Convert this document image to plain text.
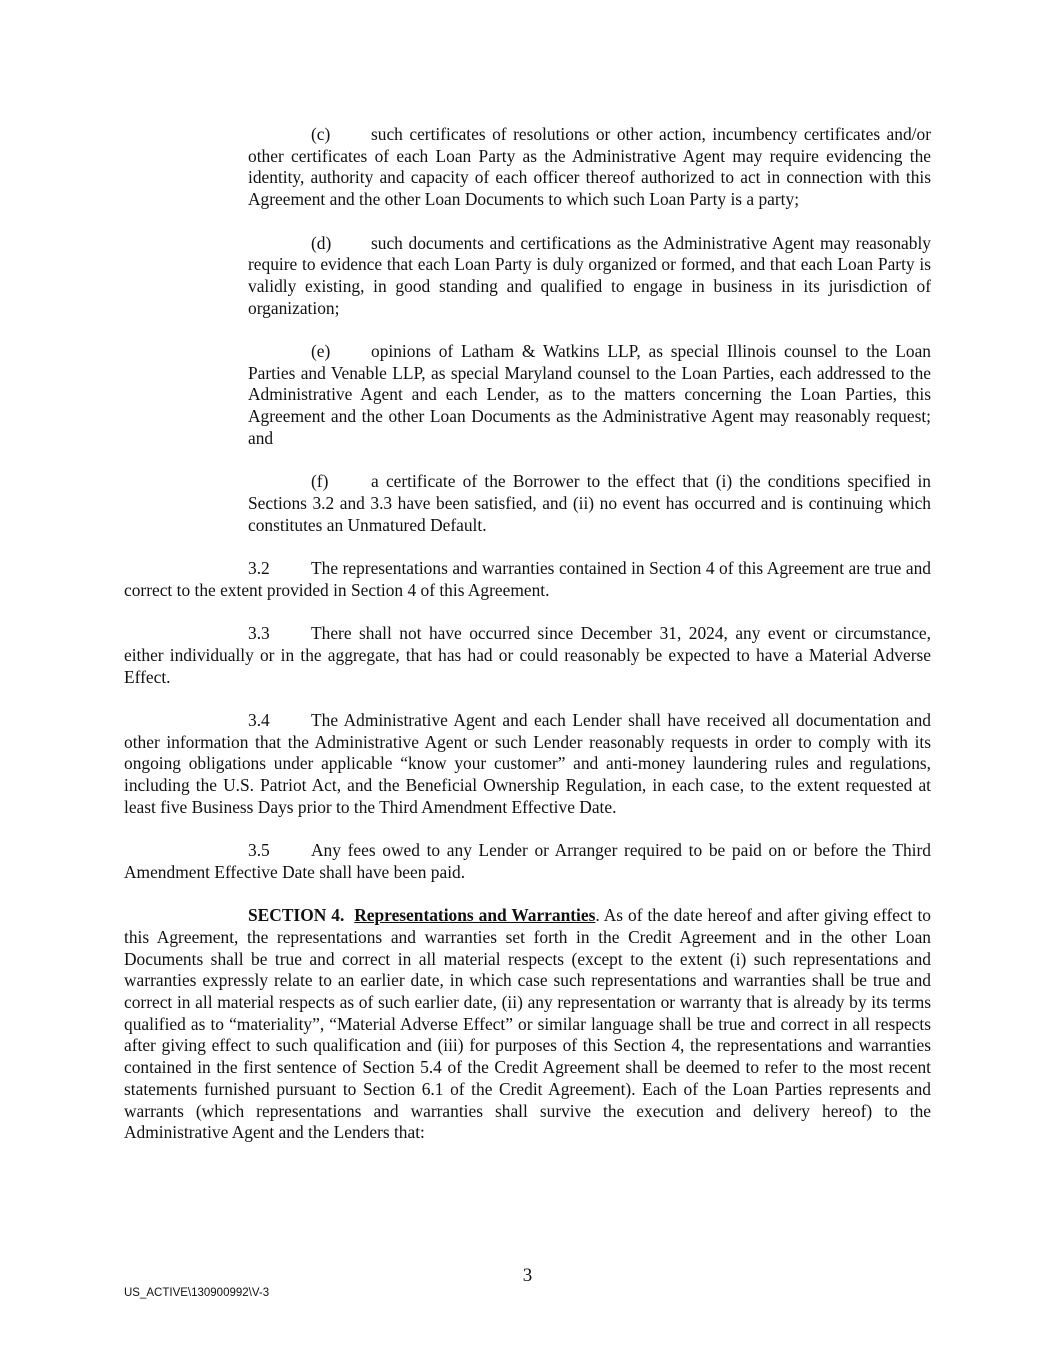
(c) such certificates of resolutions or other action, incumbency certificates and/or other certificates of each Loan Party as the Administrative Agent may require evidencing the identity, authority and capacity of each officer thereof authorized to act in connection with this Agreement and the other Loan Documents to which such Loan Party is a party;

(d) such documents and certifications as the Administrative Agent may reasonably require to evidence that each Loan Party is duly organized or formed, and that each Loan Party is validly existing, in good standing and qualified to engage in business in its jurisdiction of organization;

(e) opinions of Latham & Watkins LLP, as special Illinois counsel to the Loan Parties and Venable LLP, as special Maryland counsel to the Loan Parties, each addressed to the Administrative Agent and each Lender, as to the matters concerning the Loan Parties, this Agreement and the other Loan Documents as the Administrative Agent may reasonably request; and

(f) a certificate of the Borrower to the effect that (i) the conditions specified in Sections 3.2 and 3.3 have been satisfied, and (ii) no event has occurred and is continuing which constitutes an Unmatured Default.

3.2 The representations and warranties contained in Section 4 of this Agreement are true and correct to the extent provided in Section 4 of this Agreement.

3.3 There shall not have occurred since December 31, 2024, any event or circumstance, either individually or in the aggregate, that has had or could reasonably be expected to have a Material Adverse Effect.

3.4 The Administrative Agent and each Lender shall have received all documentation and other information that the Administrative Agent or such Lender reasonably requests in order to comply with its ongoing obligations under applicable “know your customer” and anti-money laundering rules and regulations, including the U.S. Patriot Act, and the Beneficial Ownership Regulation, in each case, to the extent requested at least five Business Days prior to the Third Amendment Effective Date.

3.5 Any fees owed to any Lender or Arranger required to be paid on or before the Third Amendment Effective Date shall have been paid.

SECTION 4. Representations and Warranties. As of the date hereof and after giving effect to this Agreement, the representations and warranties set forth in the Credit Agreement and in the other Loan Documents shall be true and correct in all material respects (except to the extent (i) such representations and warranties expressly relate to an earlier date, in which case such representations and warranties shall be true and correct in all material respects as of such earlier date, (ii) any representation or warranty that is already by its terms qualified as to “materiality”, “Material Adverse Effect” or similar language shall be true and correct in all respects after giving effect to such qualification and (iii) for purposes of this Section 4, the representations and warranties contained in the first sentence of Section 5.4 of the Credit Agreement shall be deemed to refer to the most recent statements furnished pursuant to Section 6.1 of the Credit Agreement). Each of the Loan Parties represents and warrants (which representations and warranties shall survive the execution and delivery hereof) to the Administrative Agent and the Lenders that:

3
US_ACTIVE\130900992\V-3
